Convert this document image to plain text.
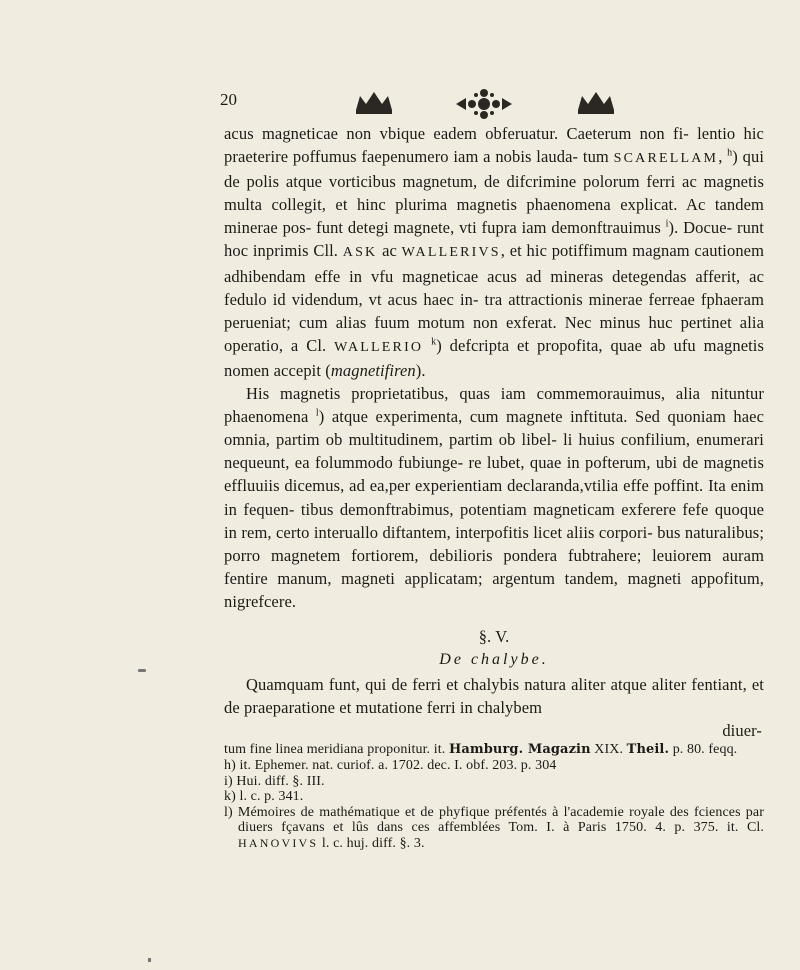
20

acus magneticae non vbique eadem obferuatur. Caeterum non fi- lentio hic praeterire poffumus faepenumero iam a nobis lauda- tum SCARELLAM, $^h$) qui de polis atque vorticibus magnetum, de difcrimine polorum ferri ac magnetis multa collegit, et hinc plurima magnetis phaenomena explicat. Ac tandem minerae pos- funt detegi magnete, vti fupra iam demonftrauimus $^i$). Docue- runt hoc inprimis Cll. ASK ac WALLERIVS, et hic potiffimum magnam cautionem adhibendam effe in vfu magneticae acus ad mineras detegendas afferit, ac fedulo id videndum, vt acus haec in- tra attractionis minerae ferreae fphaeram perueniat; cum alias fuum motum non exferat. Nec minus huc pertinet alia operatio, a Cl. WALLERIO $^k$) defcripta et propofita, quae ab ufu magnetis nomen accepit (magnetifiren).

His magnetis proprietatibus, quas iam commemorauimus, alia nituntur phaenomena $^l$) atque experimenta, cum magnete inftituta. Sed quoniam haec omnia, partim ob multitudinem, partim ob libel- li huius confilium, enumerari nequeunt, ea folummodo fubiunge- re lubet, quae in pofterum, ubi de magnetis effluuiis dicemus, ad ea,per experientiam declaranda,vtilia effe poffint. Ita enim in fequen- tibus demonftrabimus, potentiam magneticam exferere fefe quoque in rem, certo interuallo diftantem, interpofitis licet aliis corpori- bus naturalibus; porro magnetem fortiorem, debilioris pondera fubtrahere; leuiorem auram fentire manum, magneti applicatam; argentum tandem, magneti appofitum, nigrefcere.

§. V.
De chalybe.

Quamquam funt, qui de ferri et chalybis natura aliter atque aliter fentiant, et de praeparatione et mutatione ferri in chalybem

diuer-
tum fine linea meridiana proponitur. it. Hamburg. Magazin XIX. Theil. p. 80. feqq.
h) it. Ephemer. nat. curiof. a. 1702. dec. I. obf. 203. p. 304
i) Hui. diff. §. III.
k) l. c. p. 341.
l) Mémoires de mathématique et de phyfique préfentés à l'academie royale des fciences par diuers fçavans et lûs dans ces affemblées Tom. I. à Paris 1750. 4. p. 375. it. Cl. HANOVIVS l. c. huj. diff. §. 3.
